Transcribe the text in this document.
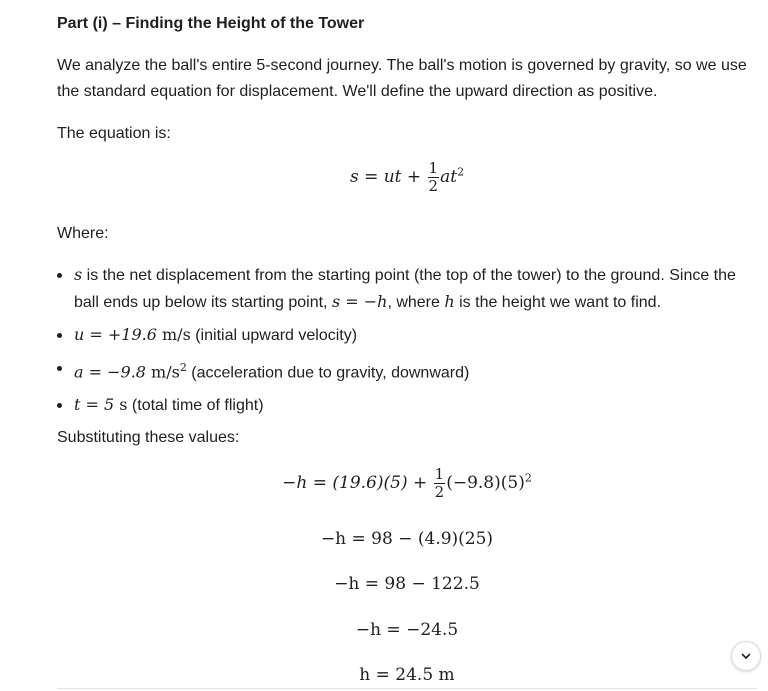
Part (i) – Finding the Height of the Tower
We analyze the ball's entire 5-second journey. The ball's motion is governed by gravity, so we use the standard equation for displacement. We'll define the upward direction as positive.
The equation is:
s = ut + $\frac{1}{2} at^2$
Where:
s is the net displacement from the starting point (the top of the tower) to the ground. Since the ball ends up below its starting point, s = −h, where h is the height we want to find.
u = +19.6 m/s (initial upward velocity)
a = −9.8 $m/s^2$ (acceleration due to gravity, downward)
t = 5 s (total time of flight)
Substituting these values:
$-h = (19.6)(5) + \frac{1}{2} (-9.8)(5)^2$
−h = 98 − (4.9)(25)
−h = 98 − 122.5
−h = −24.5
h = 24.5 m
